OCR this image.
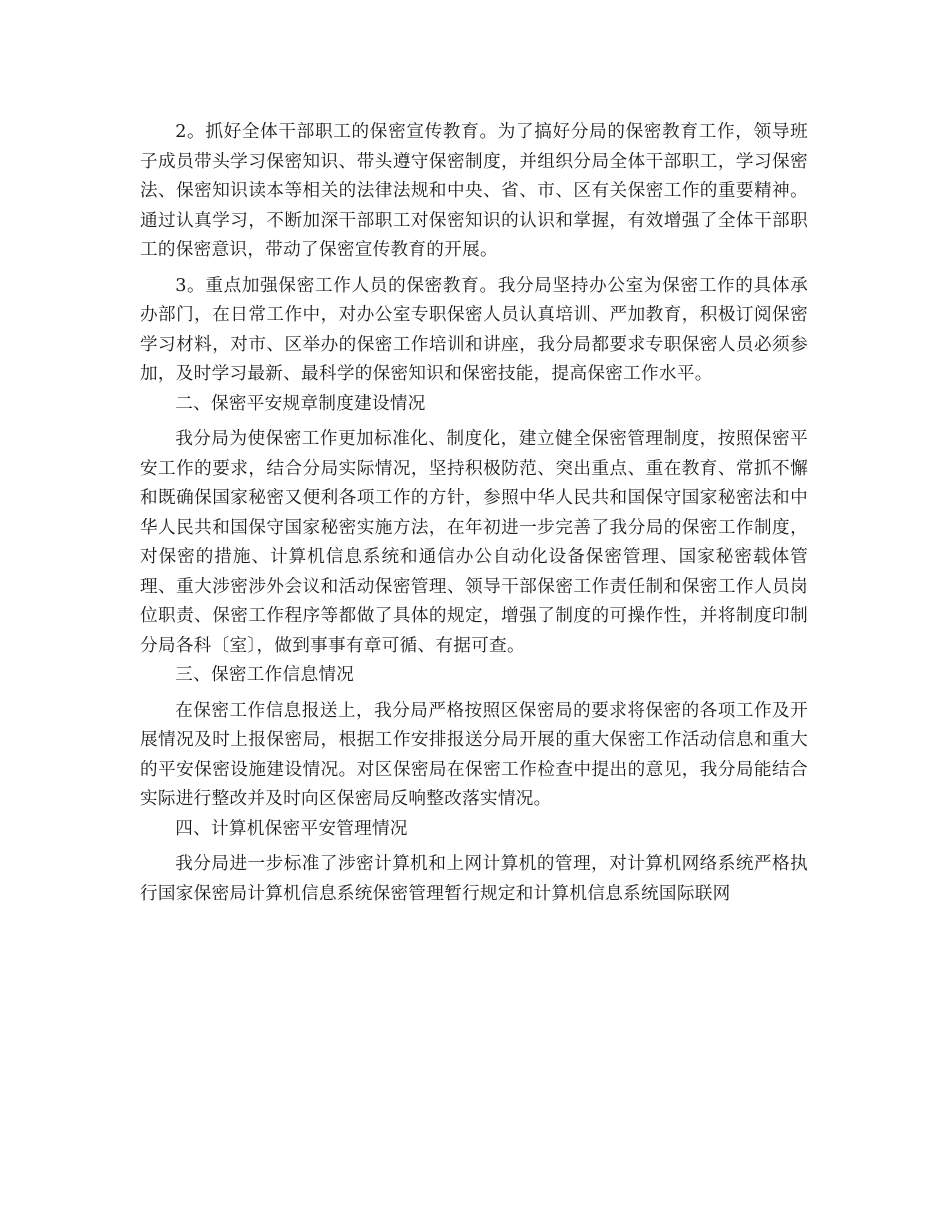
2。抓好全体干部职工的保密宣传教育。为了搞好分局的保密教育工作，领导班子成员带头学习保密知识、带头遵守保密制度，并组织分局全体干部职工，学习保密法、保密知识读本等相关的法律法规和中央、省、市、区有关保密工作的重要精神。通过认真学习，不断加深干部职工对保密知识的认识和掌握，有效增强了全体干部职工的保密意识，带动了保密宣传教育的开展。

3。重点加强保密工作人员的保密教育。我分局坚持办公室为保密工作的具体承办部门，在日常工作中，对办公室专职保密人员认真培训、严加教育，积极订阅保密学习材料，对市、区举办的保密工作培训和讲座，我分局都要求专职保密人员必须参加，及时学习最新、最科学的保密知识和保密技能，提高保密工作水平。

二、保密平安规章制度建设情况

我分局为使保密工作更加标准化、制度化，建立健全保密管理制度，按照保密平安工作的要求，结合分局实际情况，坚持积极防范、突出重点、重在教育、常抓不懈和既确保国家秘密又便利各项工作的方针，参照中华人民共和国保守国家秘密法和中华人民共和国保守国家秘密实施方法，在年初进一步完善了我分局的保密工作制度，对保密的措施、计算机信息系统和通信办公自动化设备保密管理、国家秘密载体管理、重大涉密涉外会议和活动保密管理、领导干部保密工作责任制和保密工作人员岗位职责、保密工作程序等都做了具体的规定，增强了制度的可操作性，并将制度印制分局各科〔室〕，做到事事有章可循、有据可查。

三、保密工作信息情况

在保密工作信息报送上，我分局严格按照区保密局的要求将保密的各项工作及开展情况及时上报保密局，根据工作安排报送分局开展的重大保密工作活动信息和重大的平安保密设施建设情况。对区保密局在保密工作检查中提出的意见，我分局能结合实际进行整改并及时向区保密局反响整改落实情况。

四、计算机保密平安管理情况

我分局进一步标准了涉密计算机和上网计算机的管理，对计算机网络系统严格执行国家保密局计算机信息系统保密管理暂行规定和计算机信息系统国际联网
